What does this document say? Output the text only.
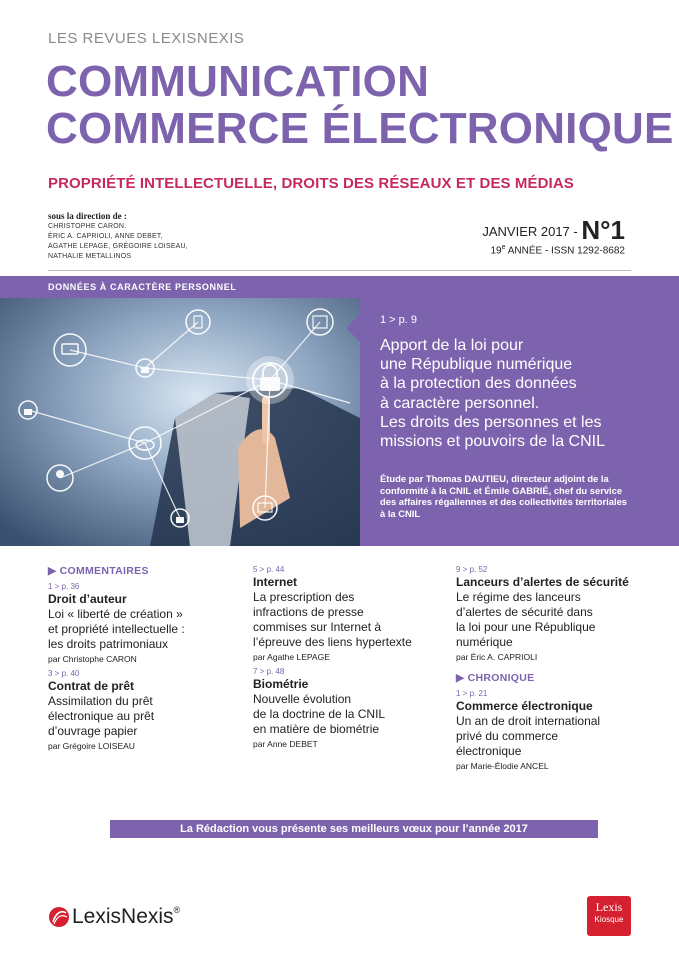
LES REVUES LEXISNEXIS
COMMUNICATION
COMMERCE ÉLECTRONIQUE
PROPRIÉTÉ INTELLECTUELLE, DROITS DES RÉSEAUX ET DES MÉDIAS
sous la direction de :
CHRISTOPHE CARON.
ÉRIC A. CAPRIOLI, ANNE DEBET,
AGATHE LEPAGE, GRÉGOIRE LOISEAU,
NATHALIE METALLINOS
JANVIER 2017 - N°1
19e ANNÉE - ISSN 1292-8682
DONNÉES À CARACTÈRE PERSONNEL
1 > p. 9
Apport de la loi pour
une République numérique
à la protection des données
à caractère personnel.
Les droits des personnes et les
missions et pouvoirs de la CNIL
Étude par Thomas DAUTIEU, directeur adjoint de la
conformité à la CNIL et Émile GABRIÉ, chef du service
des affaires régaliennes et des collectivités territoriales
à la CNIL
▶ COMMENTAIRES
1 > p. 36
Droit d’auteur
Loi « liberté de création »
et propriété intellectuelle :
les droits patrimoniaux
par Christophe CARON
3 > p. 40
Contrat de prêt
Assimilation du prêt
électronique au prêt
d’ouvrage papier
par Grégoire LOISEAU
5 > p. 44
Internet
La prescription des
infractions de presse
commises sur Internet à
l’épreuve des liens hypertexte
par Agathe LEPAGE
7 > p. 48
Biométrie
Nouvelle évolution
de la doctrine de la CNIL
en matière de biométrie
par Anne DEBET
9 > p. 52
Lanceurs d’alertes de sécurité
Le régime des lanceurs
d’alertes de sécurité dans
la loi pour une République
numérique
par Éric A. CAPRIOLI
▶ CHRONIQUE
1 > p. 21
Commerce électronique
Un an de droit international
privé du commerce
électronique
par Marie-Élodie ANCEL
La Rédaction vous présente ses meilleurs vœux pour l’année 2017
LexisNexis®	Lexis
Kiosque
